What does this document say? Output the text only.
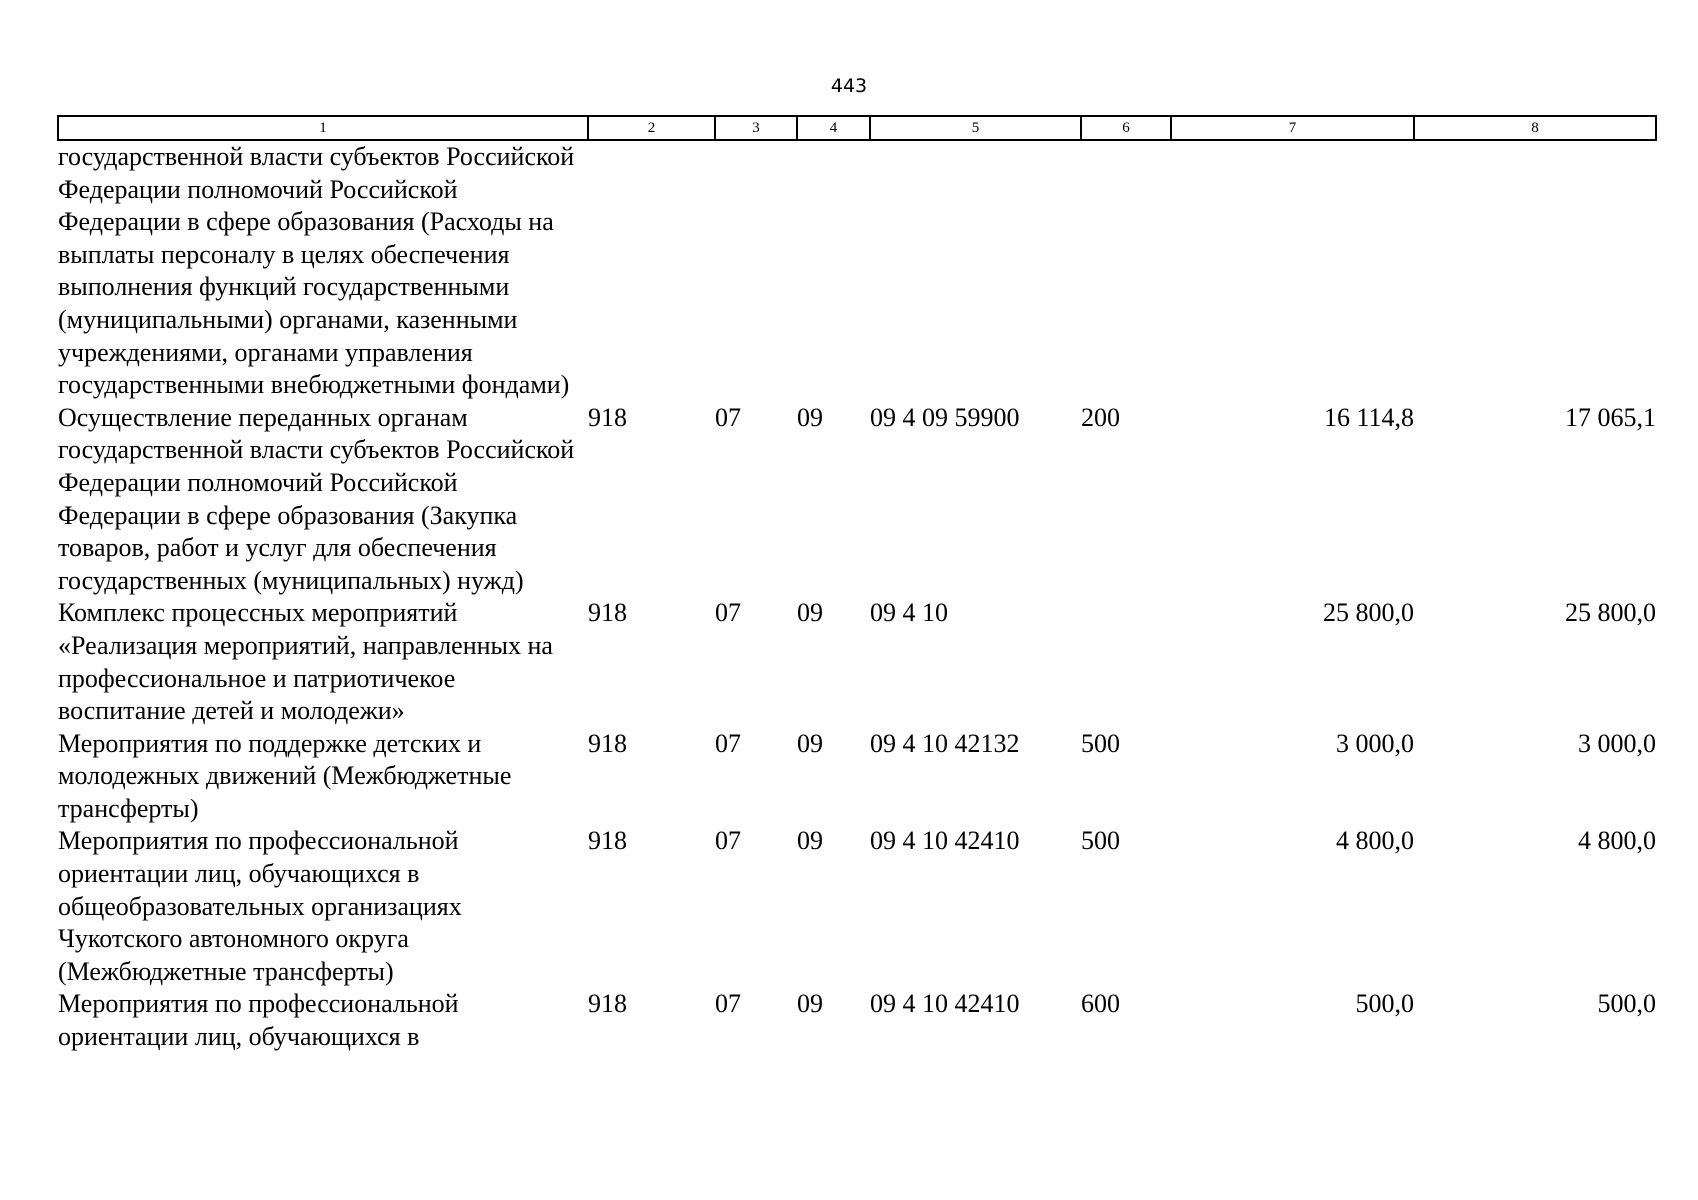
443
1	2	3	4	5	6	7	8
государственной власти субъектов Российской Федерации полномочий Российской Федерации в сфере образования (Расходы на выплаты персоналу в целях обеспечения выполнения функций государственными (муниципальными) органами, казенными учреждениями, органами управления государственными внебюджетными фондами)							
Осуществление переданных органам государственной власти субъектов Российской Федерации полномочий Российской Федерации в сфере образования (Закупка товаров, работ и услуг для обеспечения государственных (муниципальных) нужд)	918	07	09	09 4 09 59900	200	16 114,8	17 065,1
Комплекс процессных мероприятий «Реализация мероприятий, направленных на профессиональное и патриотичекое воспитание детей и молодежи»	918	07	09	09 4 10		25 800,0	25 800,0
Мероприятия по поддержке детских и молодежных движений (Межбюджетные трансферты)	918	07	09	09 4 10 42132	500	3 000,0	3 000,0
Мероприятия по профессиональной ориентации лиц, обучающихся в общеобразовательных организациях Чукотского автономного округа (Межбюджетные трансферты)	918	07	09	09 4 10 42410	500	4 800,0	4 800,0
Мероприятия по профессиональной ориентации лиц, обучающихся в	918	07	09	09 4 10 42410	600	500,0	500,0
